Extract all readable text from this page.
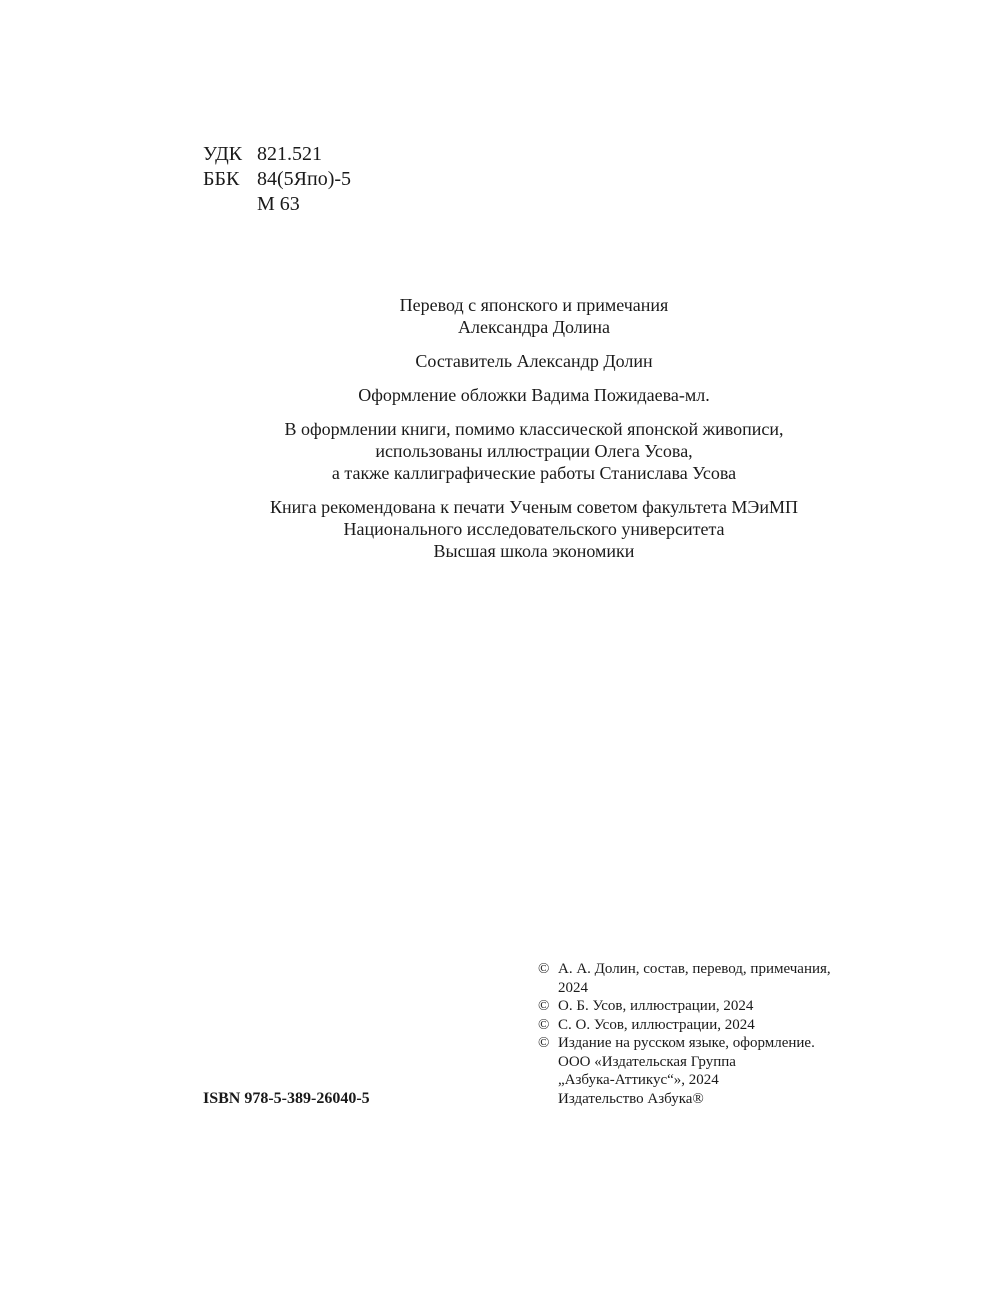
УДК 821.521
ББК 84(5Япо)-5
М 63
Перевод с японского и примечания
Александра Долина
Составитель Александр Долин
Оформление обложки Вадима Пожидаева-мл.
В оформлении книги, помимо классической японской живописи,
использованы иллюстрации Олега Усова,
а также каллиграфические работы Станислава Усова
Книга рекомендована к печати Ученым советом факультета МЭиМП
Национального исследовательского университета
Высшая школа экономики
© А. А. Долин, состав, перевод, примечания,
2024
© О. Б. Усов, иллюстрации, 2024
© С. О. Усов, иллюстрации, 2024
© Издание на русском языке, оформление.
ООО «Издательская Группа
„Азбука-Аттикус“», 2024
Издательство Азбука®
ISBN 978-5-389-26040-5
